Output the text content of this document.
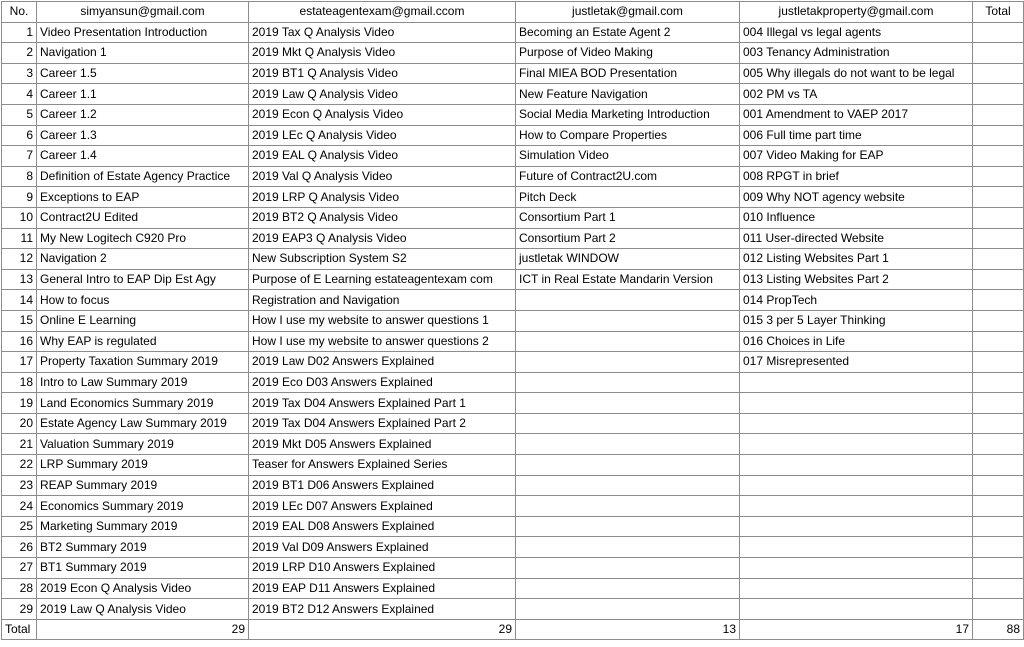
No.	simyansun@gmail.com	estateagentexam@gmail.ccom	justletak@gmail.com	justletakproperty@gmail.com	Total
1	Video Presentation Introduction	2019 Tax Q Analysis Video	Becoming an Estate Agent 2	004 Illegal vs legal agents	
2	Navigation 1	2019 Mkt Q Analysis Video	Purpose of Video Making	003 Tenancy Administration	
3	Career 1.5	2019 BT1 Q Analysis Video	Final MIEA BOD Presentation	005 Why illegals do not want to be legal	
4	Career 1.1	2019 Law Q Analysis Video	New Feature Navigation	002 PM vs TA	
5	Career 1.2	2019 Econ Q Analysis Video	Social Media Marketing Introduction	001 Amendment to VAEP 2017	
6	Career 1.3	2019 LEc Q Analysis Video	How to Compare Properties	006 Full time part time	
7	Career 1.4	2019 EAL Q Analysis Video	Simulation Video	007 Video Making for EAP	
8	Definition of Estate Agency Practice	2019 Val Q Analysis Video	Future of Contract2U.com	008 RPGT in brief	
9	Exceptions to EAP	2019 LRP Q Analysis Video	Pitch Deck	009 Why NOT agency website	
10	Contract2U Edited	2019 BT2 Q Analysis Video	Consortium Part 1	010 Influence	
11	My New Logitech C920 Pro	2019 EAP3 Q Analysis Video	Consortium Part 2	011 User-directed Website	
12	Navigation 2	New Subscription System S2	justletak WINDOW	012 Listing Websites Part 1	
13	General Intro to EAP Dip Est Agy	Purpose of E Learning estateagentexam com	ICT in Real Estate Mandarin Version	013 Listing Websites Part 2	
14	How to focus	Registration and Navigation		014 PropTech	
15	Online E Learning	How I use my website to answer questions 1		015 3 per 5 Layer Thinking	
16	Why EAP is regulated	How I use my website to answer questions 2		016 Choices in Life	
17	Property Taxation Summary 2019	2019 Law D02 Answers Explained		017 Misrepresented	
18	Intro to Law Summary 2019	2019 Eco D03 Answers Explained			
19	Land Economics Summary 2019	2019 Tax D04 Answers Explained Part 1			
20	Estate Agency Law Summary 2019	2019 Tax D04 Answers Explained Part 2			
21	Valuation Summary 2019	2019 Mkt D05 Answers Explained			
22	LRP Summary 2019	Teaser for Answers Explained Series			
23	REAP Summary 2019	2019 BT1 D06 Answers Explained			
24	Economics Summary 2019	2019 LEc D07 Answers Explained			
25	Marketing Summary 2019	2019 EAL D08 Answers Explained			
26	BT2 Summary 2019	2019 Val D09 Answers Explained			
27	BT1 Summary 2019	2019 LRP D10 Answers Explained			
28	2019 Econ Q Analysis Video	2019 EAP D11 Answers Explained			
29	2019 Law Q Analysis Video	2019 BT2 D12 Answers Explained			
Total	29	29	13	17	88
